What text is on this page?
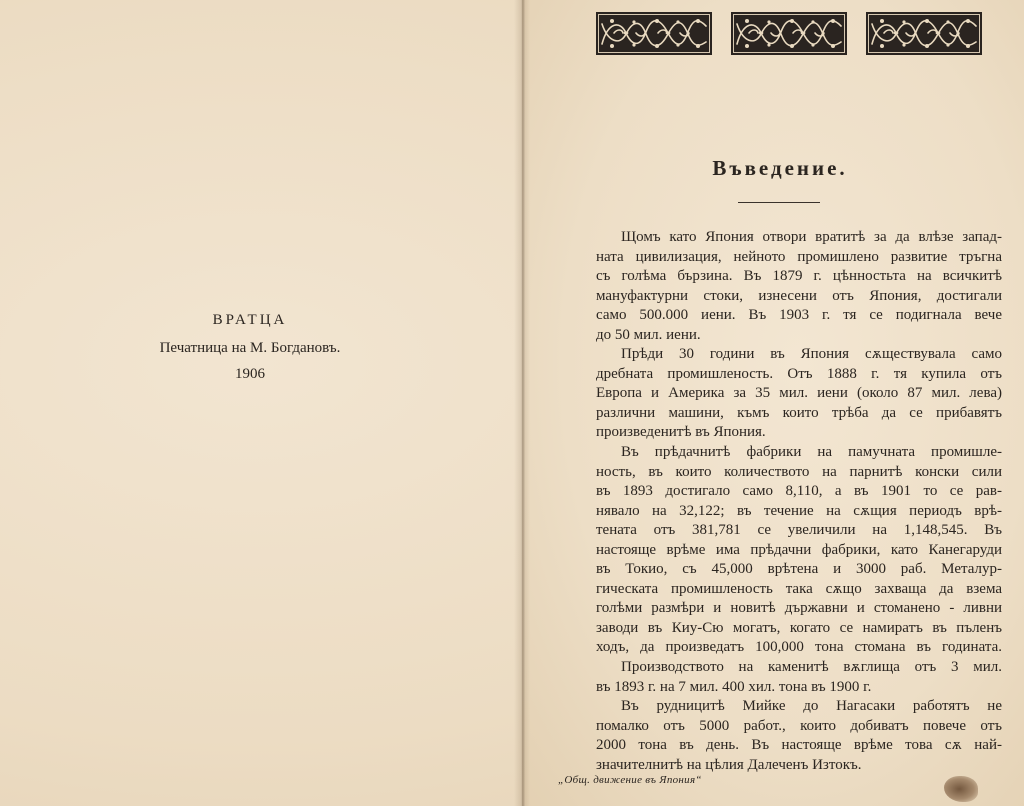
ВРАТЦА
Печатница на М. Богдановъ.
1906
Въведение.
Щомъ като Япония отвори вратитѣ за да влѣзе запад-
ната цивилизация, нейното промишлено развитие тръгна
съ голѣма бързина. Въ 1879 г. цѣнностьта на всичкитѣ
мануфактурни стоки, изнесени отъ Япония, достигали
само 500.000 иени. Въ 1903 г. тя се подигнала вече
до 50 мил. иени.
Прѣди 30 години въ Япония сѫществувала само
дребната промишленость. Отъ 1888 г. тя купила отъ
Европа и Америка за 35 мил. иени (около 87 мил. лева)
различни машини, къмъ които трѣба да се прибавятъ
произведенитѣ въ Япония.
Въ прѣдачнитѣ фабрики на памучната промишле-
ность, въ които количеството на парнитѣ конски сили
въ 1893 достигало само 8,110, а въ 1901 то се рав-
нявало на 32,122; въ течение на сѫщия периодъ врѣ-
тената отъ 381,781 се увеличили на 1,148,545. Въ
настояще врѣме има прѣдачни фабрики, като Канегаруди
въ Токио, съ 45,000 врѣтена и 3000 раб. Металур-
гическата промишленость така сѫщо захваща да взема
голѣми размѣри и новитѣ държавни и стоманено - ливни
заводи въ Киу-Сю могатъ, когато се намиратъ въ пъленъ
ходъ, да произведатъ 100,000 тона стомана въ годината.
Производството на каменитѣ вѫглища отъ 3 мил.
въ 1893 г. на 7 мил. 400 хил. тона въ 1900 г.
Въ рудницитѣ Мийке до Нагасаки работятъ не
помалко отъ 5000 работ., които добиватъ повече отъ
2000 тона въ день. Въ настояще врѣме това сѫ най-
значителнитѣ на цѣлия Далеченъ Изтокъ.
„Общ. движение въ Япония“
